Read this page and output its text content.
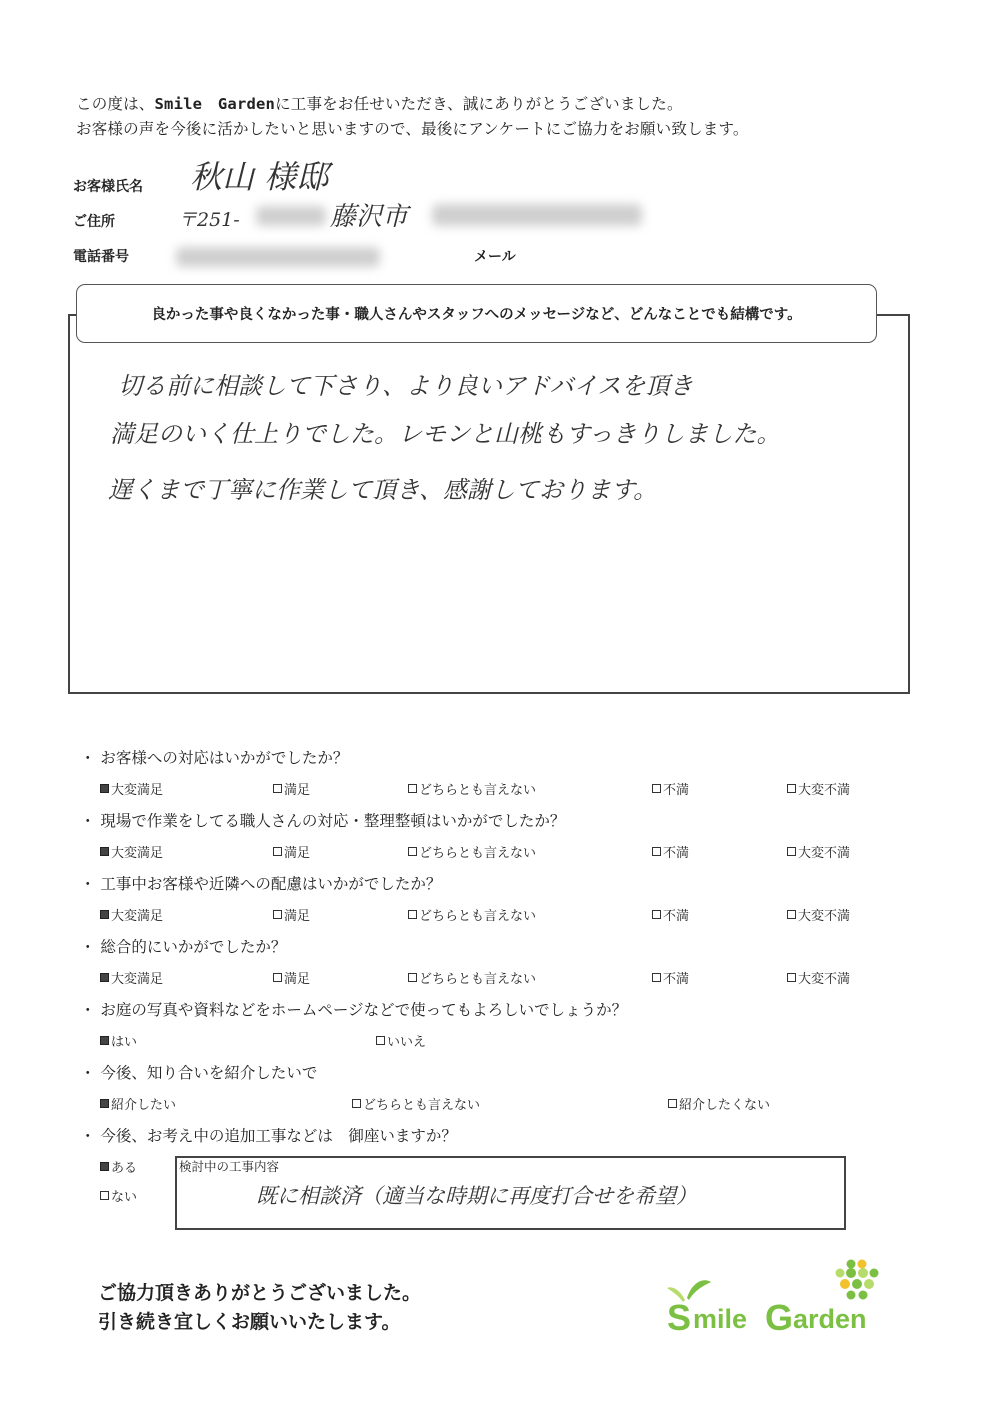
この度は、Smile　Gardenに工事をお任せいただき、誠にありがとうございました。
お客様の声を今後に活かしたいと思いますので、最後にアンケートにご協力をお願い致します。
お客様氏名 秋山 様邸
ご住所	〒251-	藤沢市
電話番号	メール
良かった事や良くなかった事・職人さんやスタッフへのメッセージなど、どんなことでも結構です。
切る前に相談して下さり、より良いアドバイスを頂き
満足のいく仕上りでした。レモンと山桃もすっきりしました。
遅くまで丁寧に作業して頂き、感謝しております。
・ お客様への対応はいかがでしたか？
大変満足	満足	どちらとも言えない	不満	大変不満
・ 現場で作業をしてる職人さんの対応・整理整頓はいかがでしたか？
大変満足	満足	どちらとも言えない	不満	大変不満
・ 工事中お客様や近隣への配慮はいかがでしたか？
大変満足	満足	どちらとも言えない	不満	大変不満
・ 総合的にいかがでしたか？
大変満足	満足	どちらとも言えない	不満	大変不満
・ お庭の写真や資料などをホームページなどで使ってもよろしいでしょうか？
はい	いいえ
・ 今後、知り合いを紹介したいで
紹介したい	どちらとも言えない	紹介したくない
・ 今後、お考え中の追加工事などは　御座いますか？
ある
ない
検討中の工事内容
既に相談済（適当な時期に再度打合せを希望）
ご協力頂きありがとうございました。
引き続き宜しくお願いいたします。	S mile G arden
